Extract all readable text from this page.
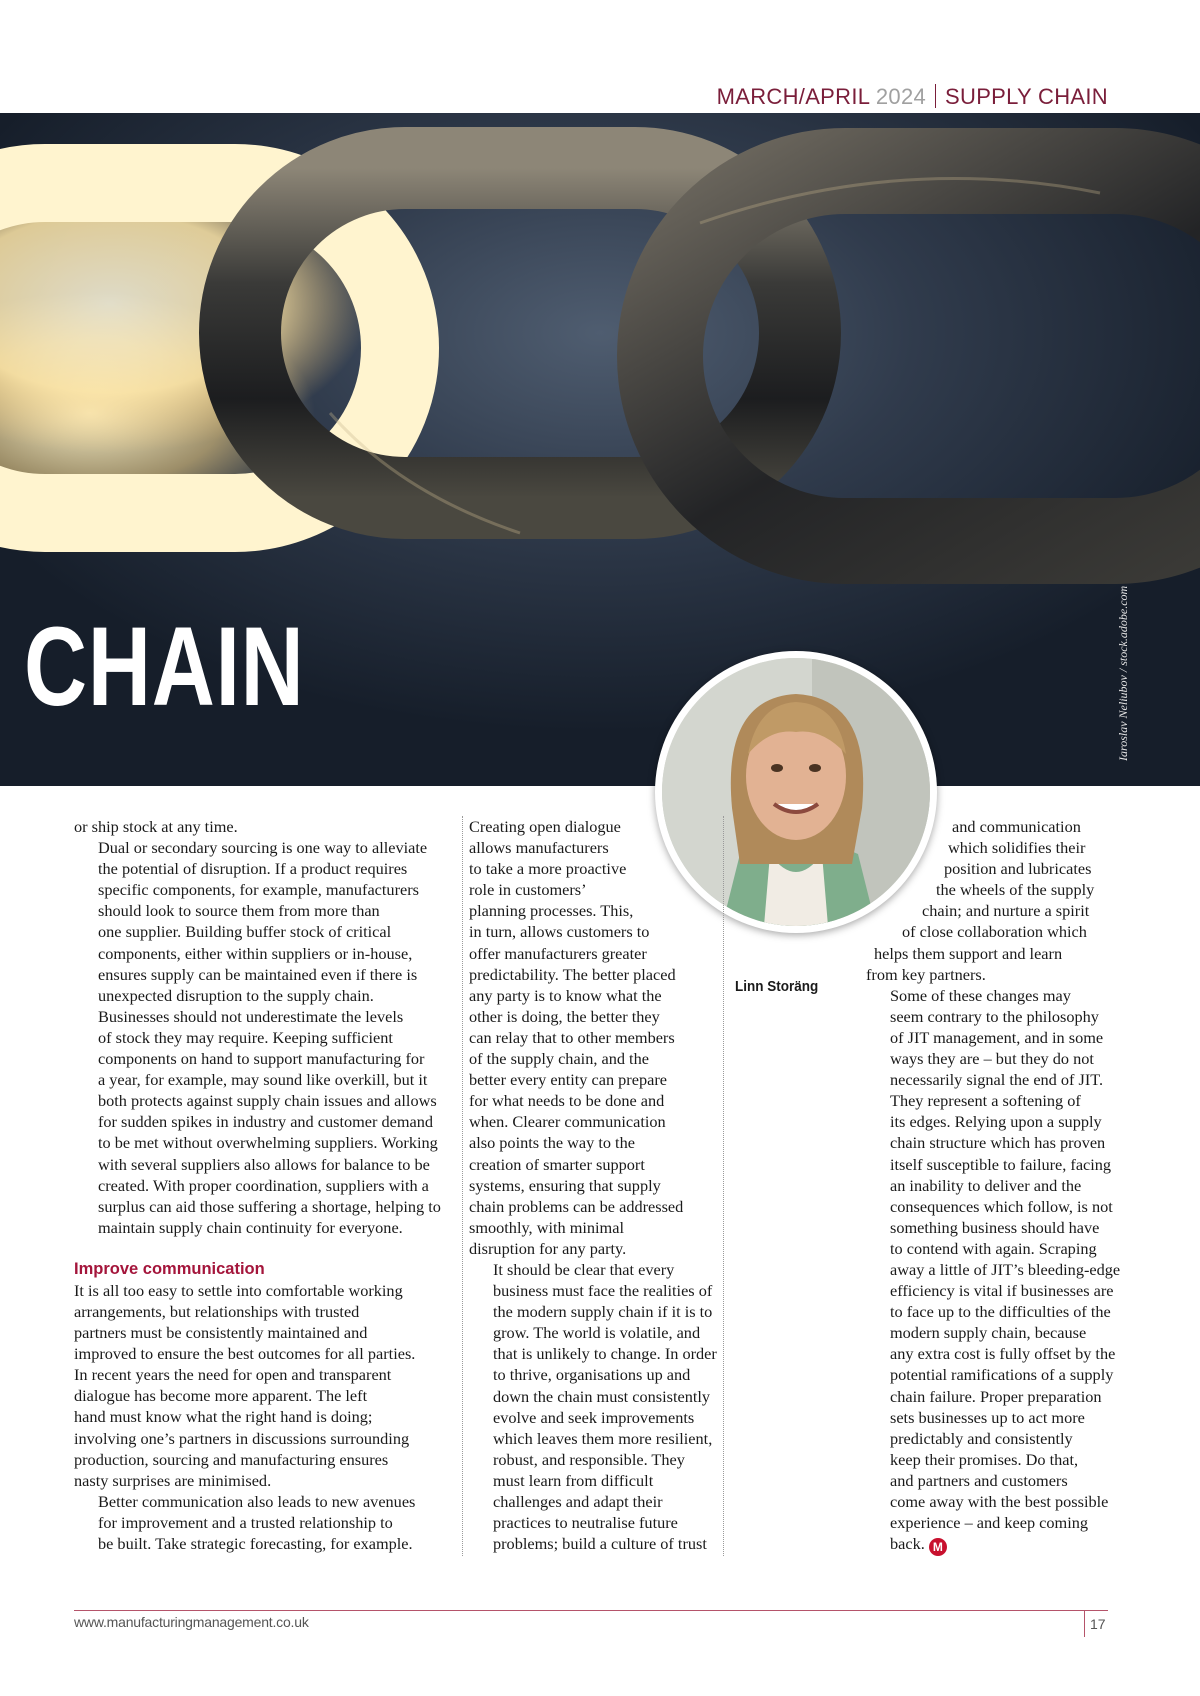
MARCH/APRIL 2024 SUPPLY CHAIN
CHAIN	Iaroslav Neliubov / stock.adobe.com
Linn Storäng

or ship stock at any time.

Dual or secondary sourcing is one way to alleviate
the potential of disruption. If a product requires
specific components, for example, manufacturers
should look to source them from more than
one supplier. Building buffer stock of critical
components, either within suppliers or in-house,
ensures supply can be maintained even if there is
unexpected disruption to the supply chain.

Businesses should not underestimate the levels
of stock they may require. Keeping sufficient
components on hand to support manufacturing for
a year, for example, may sound like overkill, but it
both protects against supply chain issues and allows
for sudden spikes in industry and customer demand
to be met without overwhelming suppliers. Working
with several suppliers also allows for balance to be
created. With proper coordination, suppliers with a
surplus can aid those suffering a shortage, helping to
maintain supply chain continuity for everyone.

Improve communication

It is all too easy to settle into comfortable working
arrangements, but relationships with trusted
partners must be consistently maintained and
improved to ensure the best outcomes for all parties.
In recent years the need for open and transparent
dialogue has become more apparent. The left
hand must know what the right hand is doing;
involving one’s partners in discussions surrounding
production, sourcing and manufacturing ensures
nasty surprises are minimised.

Better communication also leads to new avenues
for improvement and a trusted relationship to
be built. Take strategic forecasting, for example.

Creating open dialogue
allows manufacturers
to take a more proactive
role in customers’
planning processes. This,
in turn, allows customers to
offer manufacturers greater
predictability. The better placed
any party is to know what the
other is doing, the better they
can relay that to other members
of the supply chain, and the
better every entity can prepare
for what needs to be done and
when. Clearer communication
also points the way to the
creation of smarter support
systems, ensuring that supply
chain problems can be addressed
smoothly, with minimal
disruption for any party.

It should be clear that every
business must face the realities of
the modern supply chain if it is to
grow. The world is volatile, and
that is unlikely to change. In order
to thrive, organisations up and
down the chain must consistently
evolve and seek improvements
which leaves them more resilient,
robust, and responsible. They
must learn from difficult
challenges and adapt their
practices to neutralise future
problems; build a culture of trust

and communication
which solidifies their
position and lubricates
the wheels of the supply
chain; and nurture a spirit
of close collaboration which
helps them support and learn
from key partners.

Some of these changes may
seem contrary to the philosophy
of JIT management, and in some
ways they are – but they do not
necessarily signal the end of JIT.
They represent a softening of
its edges. Relying upon a supply
chain structure which has proven
itself susceptible to failure, facing
an inability to deliver and the
consequences which follow, is not
something business should have
to contend with again. Scraping
away a little of JIT’s bleeding-edge
efficiency is vital if businesses are
to face up to the difficulties of the
modern supply chain, because
any extra cost is fully offset by the
potential ramifications of a supply
chain failure. Proper preparation
sets businesses up to act more
predictably and consistently
keep their promises. Do that,
and partners and customers
come away with the best possible
experience – and keep coming
back. M

www.manufacturingmanagement.co.uk	17
